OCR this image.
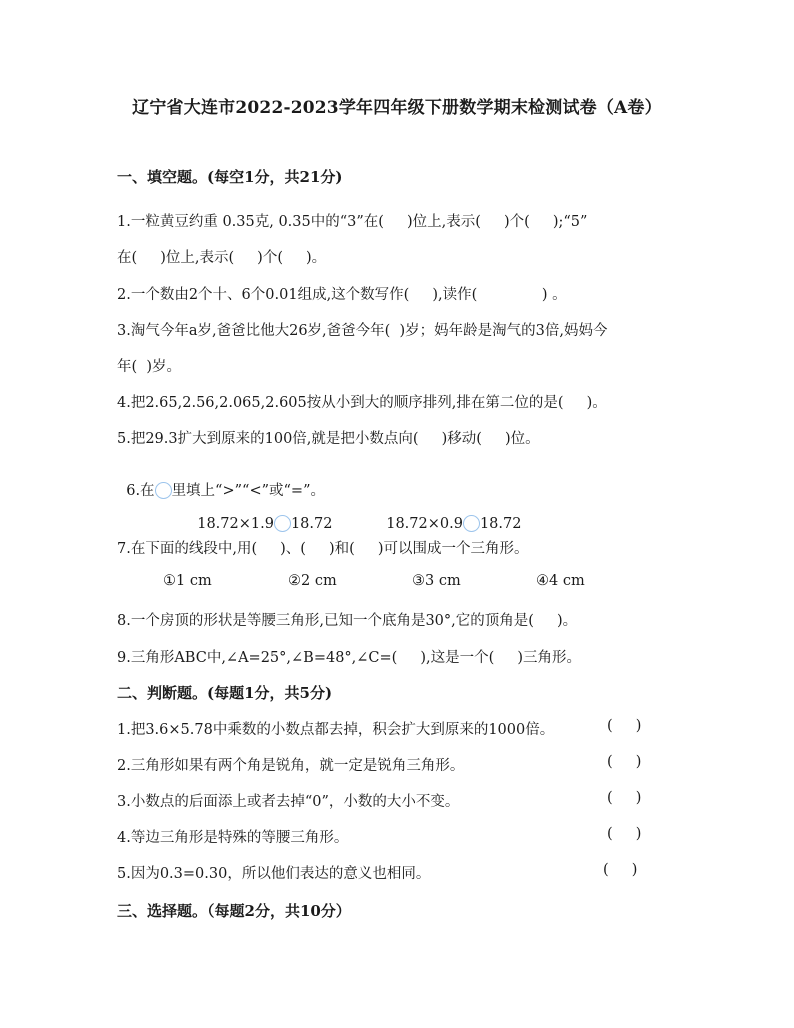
辽宁省大连市2022-2023学年四年级下册数学期末检测试卷（A卷）
一、填空题。(每空1分，共21分)
1.一粒黄豆约重 0.35克, 0.35中的“3”在(     )位上,表示(     )个(     );“5”
在(     )位上,表示(     )个(     )。
2.一个数由2个十、6个0.01组成,这个数写作(     ),读作(              ) 。
3.淘气今年a岁,爸爸比他大26岁,爸爸今年(  )岁；妈年龄是淘气的3倍,妈妈今
年(  )岁。
4.把2.65,2.56,2.065,2.605按从小到大的顺序排列,排在第二位的是(     )。
5.把29.3扩大到原来的100倍,就是把小数点向(     )移动(     )位。

6.在 里填上“>”“<”或“=”。

18.72×1.9 18.72	18.72×0.9 18.72

7.在下面的线段中,用(     )、(     )和(     )可以围成一个三角形。
①1 cm	②2 cm	③3 cm	④4 cm
8.一个房顶的形状是等腰三角形,已知一个底角是30°,它的顶角是(     )。
9.三角形ABC中,∠A=25°,∠B=48°,∠C=(     ),这是一个(     )三角形。
二、判断题。(每题1分，共5分)
1.把3.6×5.78中乘数的小数点都去掉，积会扩大到原来的1000倍。	(     )
2.三角形如果有两个角是锐角，就一定是锐角三角形。	(     )
3.小数点的后面添上或者去掉“0”，小数的大小不变。	(     )
4.等边三角形是特殊的等腰三角形。	(     )
5.因为0.3=0.30，所以他们表达的意义也相同。	(     )
三、选择题。（每题2分，共10分）
